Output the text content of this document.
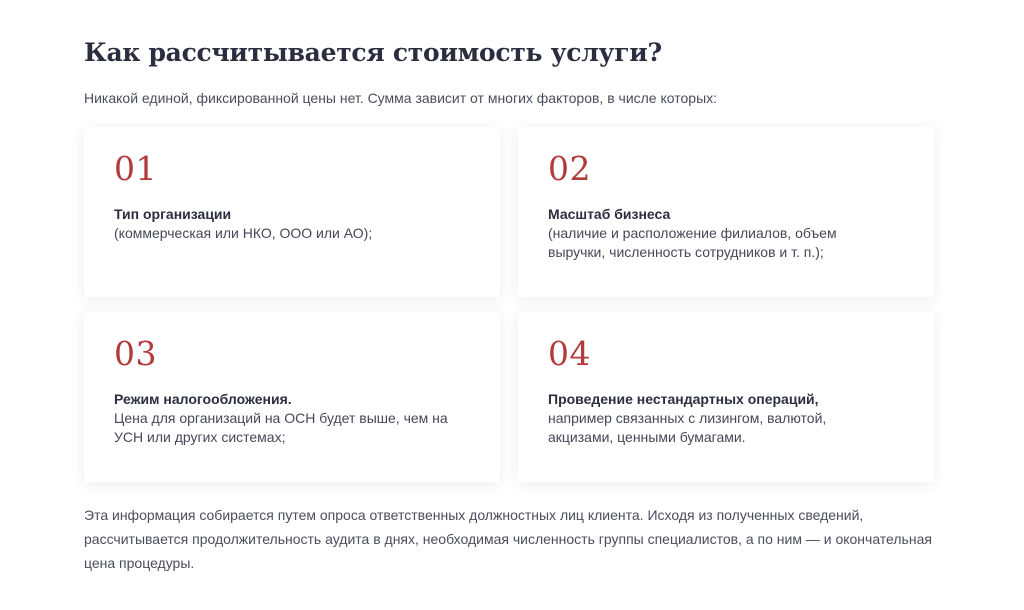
Как рассчитывается стоимость услуги?

Никакой единой, фиксированной цены нет. Сумма зависит от многих факторов, в числе которых:

01
Тип организации
(коммерческая или НКО, ООО или АО);
02
Масштаб бизнеса
(наличие и расположение филиалов, объем выручки, численность сотрудников и т. п.);
03
Режим налогообложения.
Цена для организаций на ОСН будет выше, чем на УСН или других системах;
04
Проведение нестандартных операций,
например связанных с лизингом, валютой, акцизами, ценными бумагами.

Эта информация собирается путем опроса ответственных должностных лиц клиента. Исходя из полученных сведений, рассчитывается продолжительность аудита в днях, необходимая численность группы специалистов, а по ним — и окончательная цена процедуры.
